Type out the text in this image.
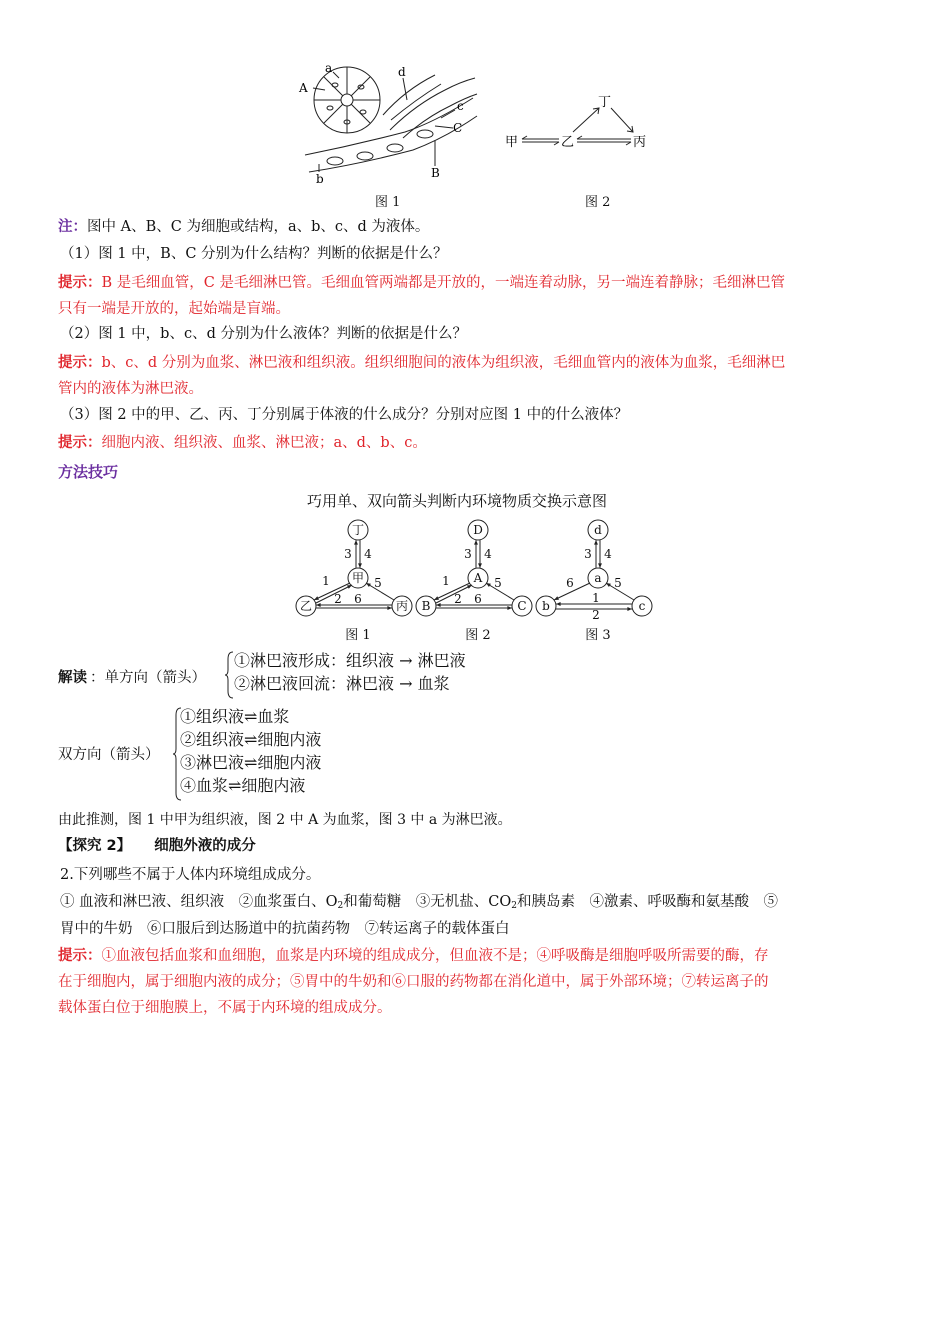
A
a	d
c
C
b	B
图 1
甲	乙	丙
丁
图 2
注：图中 A、B、C 为细胞或结构，a、b、c、d 为液体。
（1）图 1 中，B、C 分别为什么结构？判断的依据是什么？
提示：B 是毛细血管，C 是毛细淋巴管。毛细血管两端都是开放的，一端连着动脉，另一端连着静脉；毛细淋巴管
只有一端是开放的，起始端是盲端。
（2）图 1 中，b、c、d 分别为什么液体？判断的依据是什么？
提示：b、c、d 分别为血浆、淋巴液和组织液。组织细胞间的液体为组织液，毛细血管内的液体为血浆，毛细淋巴
管内的液体为淋巴液。
（3）图 2 中的甲、乙、丙、丁分别属于体液的什么成分？分别对应图 1 中的什么液体？
提示：细胞内液、组织液、血浆、淋巴液；a、d、b、c。
方法技巧
巧用单、双向箭头判断内环境物质交换示意图
丁
甲
乙	丙
3 4
1
2
5
6
图 1
D
A
B	C
3 4
1
2
5
6
图 2
d
a
b	c
3 4
6	5
1
2
图 3
解读 ：单方向（箭头）
①淋巴液形成：组织液 → 淋巴液
②淋巴液回流：淋巴液 → 血浆
双方向（箭头）
①组织液⇌血浆
②组织液⇌细胞内液
③淋巴液⇌细胞内液
④血浆⇌细胞内液
由此推测，图 1 中甲为组织液，图 2 中 A 为血浆，图 3 中 a 为淋巴液。
【探究 2】 细胞外液的成分
2.下列哪些不属于人体内环境组成成分。
① 血液和淋巴液、组织液　②血浆蛋白、$O_2$和葡萄糖　③无机盐、$CO_2$和胰岛素　④激素、呼吸酶和氨基酸　⑤
胃中的牛奶　⑥口服后到达肠道中的抗菌药物　⑦转运离子的载体蛋白
提示：①血液包括血浆和血细胞，血浆是内环境的组成成分，但血液不是；④呼吸酶是细胞呼吸所需要的酶，存
在于细胞内，属于细胞内液的成分；⑤胃中的牛奶和⑥口服的药物都在消化道中，属于外部环境；⑦转运离子的
载体蛋白位于细胞膜上，不属于内环境的组成成分。
